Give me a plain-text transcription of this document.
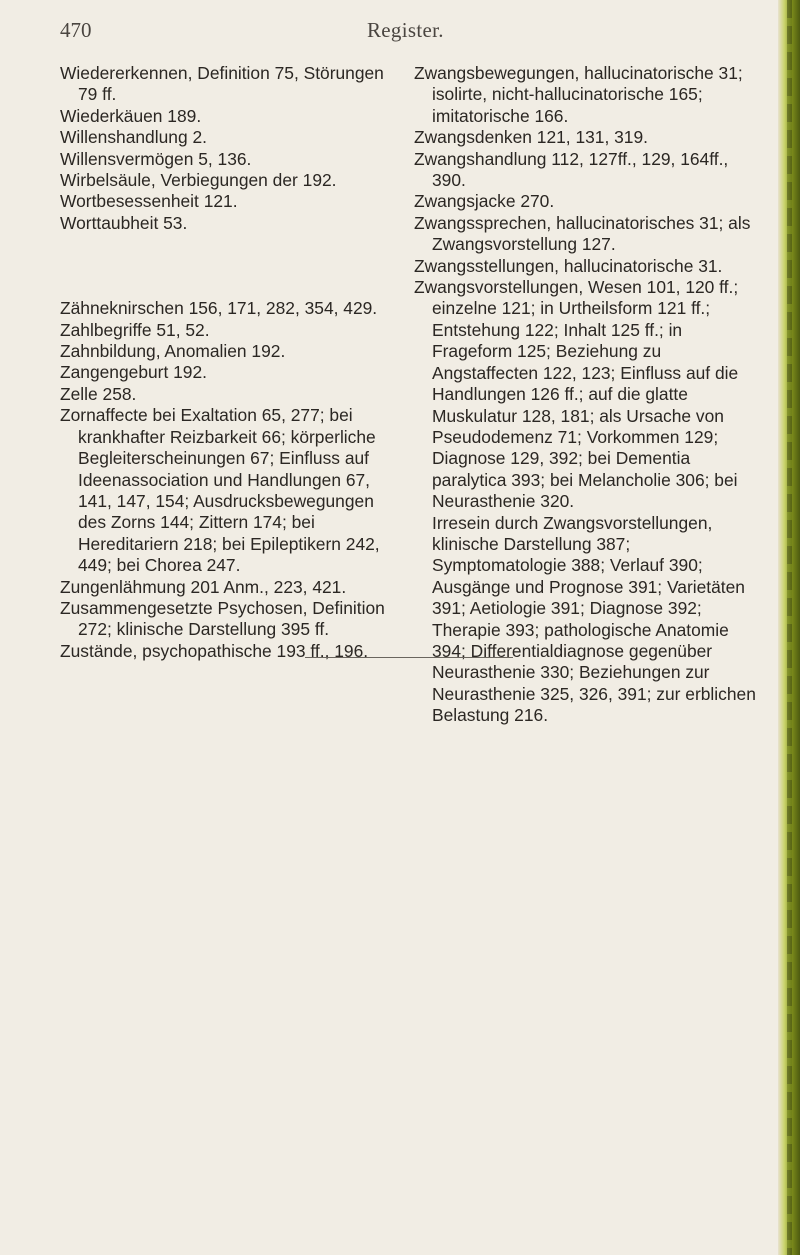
470	Register.
Wiedererkennen, Definition 75, Störungen 79 ff.
Wiederkäuen 189.
Willenshandlung 2.
Willensvermögen 5, 136.
Wirbelsäule, Verbiegungen der 192.
Wortbesessenheit 121.
Worttaubheit 53.
Zähneknirschen 156, 171, 282, 354, 429.
Zahlbegriffe 51, 52.
Zahnbildung, Anomalien 192.
Zangengeburt 192.
Zelle 258.
Zornaffecte bei Exaltation 65, 277; bei krankhafter Reizbarkeit 66; körperliche Begleiterscheinungen 67; Einfluss auf Ideenassociation und Handlungen 67, 141, 147, 154; Ausdrucksbewegungen des Zorns 144; Zittern 174; bei Hereditariern 218; bei Epileptikern 242, 449; bei Chorea 247.
Zungenlähmung 201 Anm., 223, 421.
Zusammengesetzte Psychosen, Definition 272; klinische Darstellung 395 ff.
Zustände, psychopathische 193 ff., 196.
Zwangsbewegungen, hallucinatorische 31; isolirte, nicht-hallucinatorische 165; imitatorische 166.
Zwangsdenken 121, 131, 319.
Zwangshandlung 112, 127ff., 129, 164ff., 390.
Zwangsjacke 270.
Zwangssprechen, hallucinatorisches 31; als Zwangsvorstellung 127.
Zwangsstellungen, hallucinatorische 31.
Zwangsvorstellungen, Wesen 101, 120 ff.; einzelne 121; in Urtheilsform 121 ff.; Entstehung 122; Inhalt 125 ff.; in Frageform 125; Beziehung zu Angstaffecten 122, 123; Einfluss auf die Handlungen 126 ff.; auf die glatte Muskulatur 128, 181; als Ursache von Pseudodemenz 71; Vorkommen 129; Diagnose 129, 392; bei Dementia paralytica 393; bei Melancholie 306; bei Neurasthenie 320.
Irresein durch Zwangsvorstellungen, klinische Darstellung 387; Symptomatologie 388; Verlauf 390; Ausgänge und Prognose 391; Varietäten 391; Aetiologie 391; Diagnose 392; Therapie 393; pathologische Anatomie 394; Differentialdiagnose gegenüber Neurasthenie 330; Beziehungen zur Neurasthenie 325, 326, 391; zur erblichen Belastung 216.
